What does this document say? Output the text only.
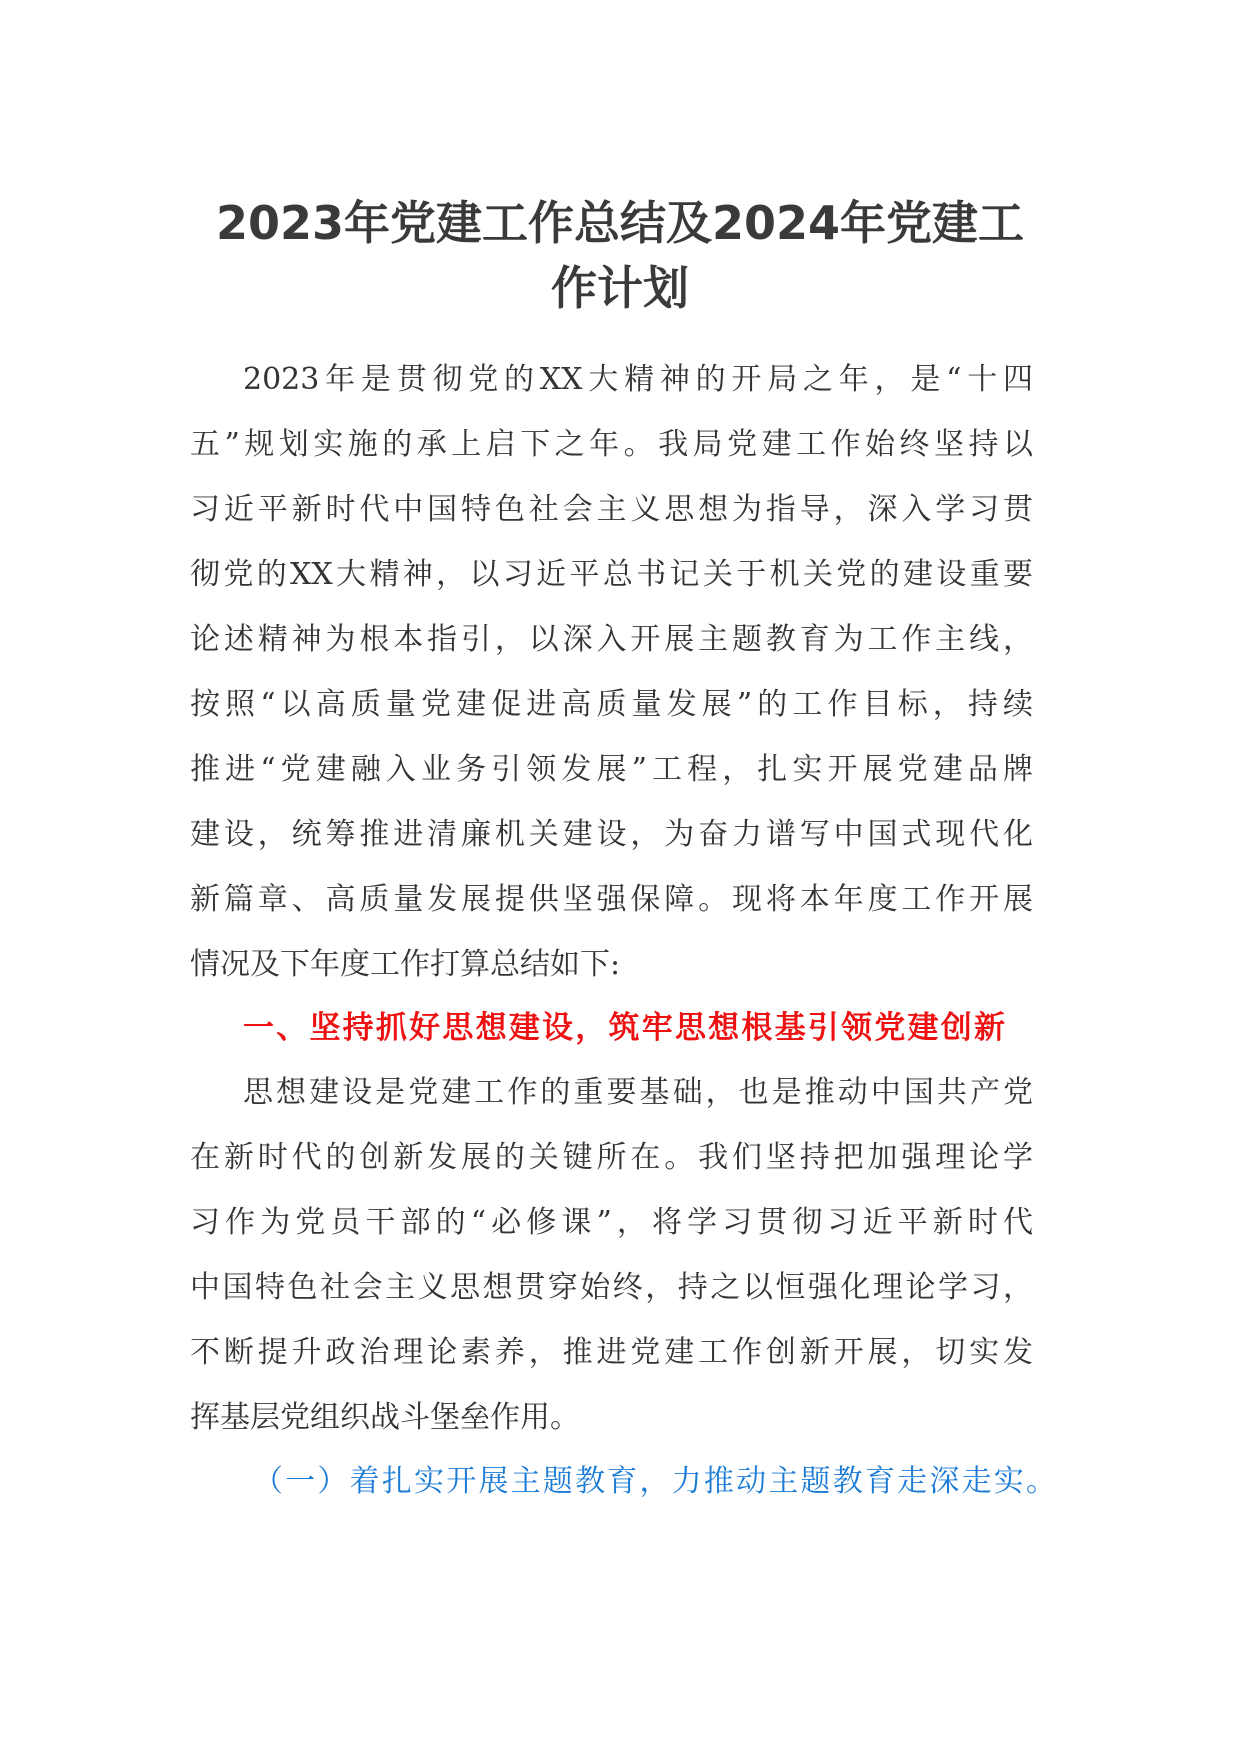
2023年党建工作总结及2024年党建工
作计划
2023年是贯彻党的XX大精神的开局之年，是“十四
五”规划实施的承上启下之年。我局党建工作始终坚持以
习近平新时代中国特色社会主义思想为指导，深入学习贯
彻党的XX大精神，以习近平总书记关于机关党的建设重要
论述精神为根本指引，以深入开展主题教育为工作主线，
按照“以高质量党建促进高质量发展”的工作目标，持续
推进“党建融入业务引领发展”工程，扎实开展党建品牌
建设，统筹推进清廉机关建设，为奋力谱写中国式现代化
新篇章、高质量发展提供坚强保障。现将本年度工作开展
情况及下年度工作打算总结如下:
一、坚持抓好思想建设，筑牢思想根基引领党建创新
思想建设是党建工作的重要基础，也是推动中国共产党
在新时代的创新发展的关键所在。我们坚持把加强理论学
习作为党员干部的“必修课”，将学习贯彻习近平新时代
中国特色社会主义思想贯穿始终，持之以恒强化理论学习，
不断提升政治理论素养，推进党建工作创新开展，切实发
挥基层党组织战斗堡垒作用。
（一）着扎实开展主题教育，力推动主题教育走深走实。
